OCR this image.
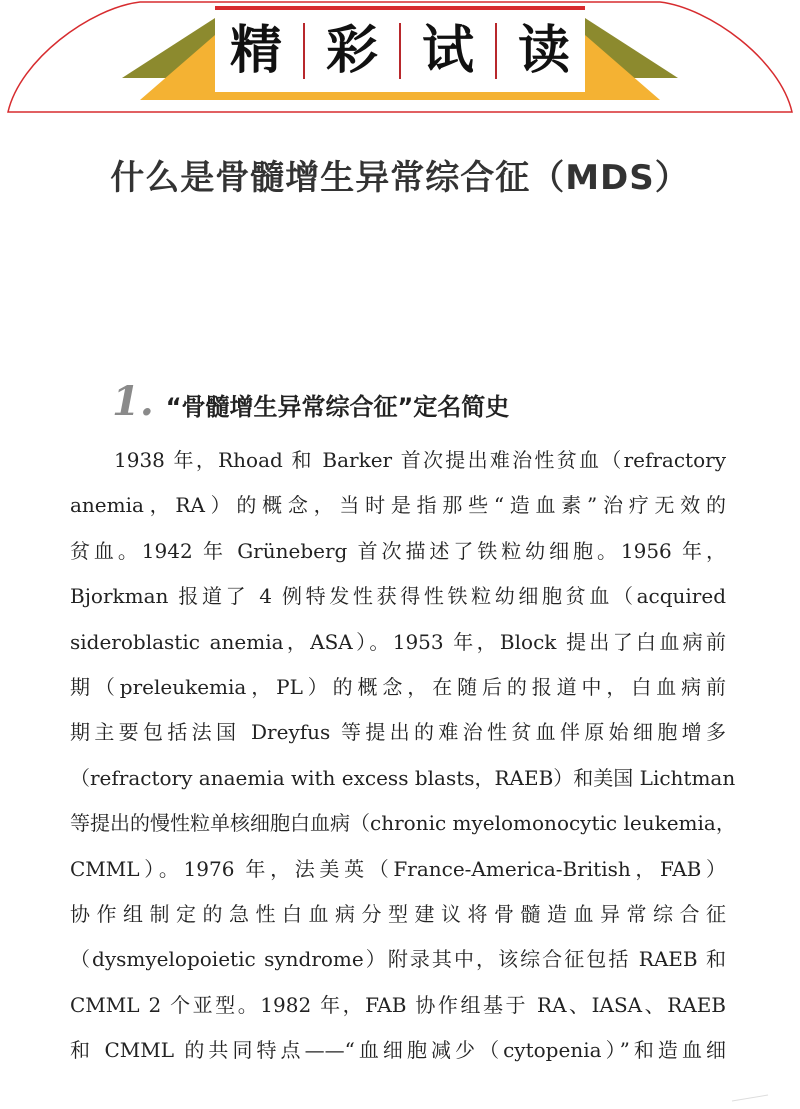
精 彩 试 读
什么是骨髓增生异常综合征（MDS）
1. “骨髓增生异常综合征”定名简史
1938 年，Rhoad 和 Barker 首次提出难治性贫血（refractory
anemia，RA）的概念，当时是指那些“造血素”治疗无效的
贫血。1942 年 Grüneberg 首次描述了铁粒幼细胞。1956 年，
Bjorkman 报道了 4 例特发性获得性铁粒幼细胞贫血（acquired
sideroblastic anemia，ASA）。1953 年，Block 提出了白血病前
期（preleukemia，PL）的概念，在随后的报道中，白血病前
期主要包括法国 Dreyfus 等提出的难治性贫血伴原始细胞增多
（refractory anaemia with excess blasts，RAEB）和美国 Lichtman
等提出的慢性粒单核细胞白血病（chronic myelomonocytic leukemia，
CMML）。1976 年，法美英（France-America-British，FAB）
协作组制定的急性白血病分型建议将骨髓造血异常综合征
（dysmyelopoietic syndrome）附录其中，该综合征包括 RAEB 和
CMML 2 个亚型。1982 年，FAB 协作组基于 RA、IASA、RAEB
和 CMML 的共同特点——“血细胞减少（cytopenia）”和造血细
